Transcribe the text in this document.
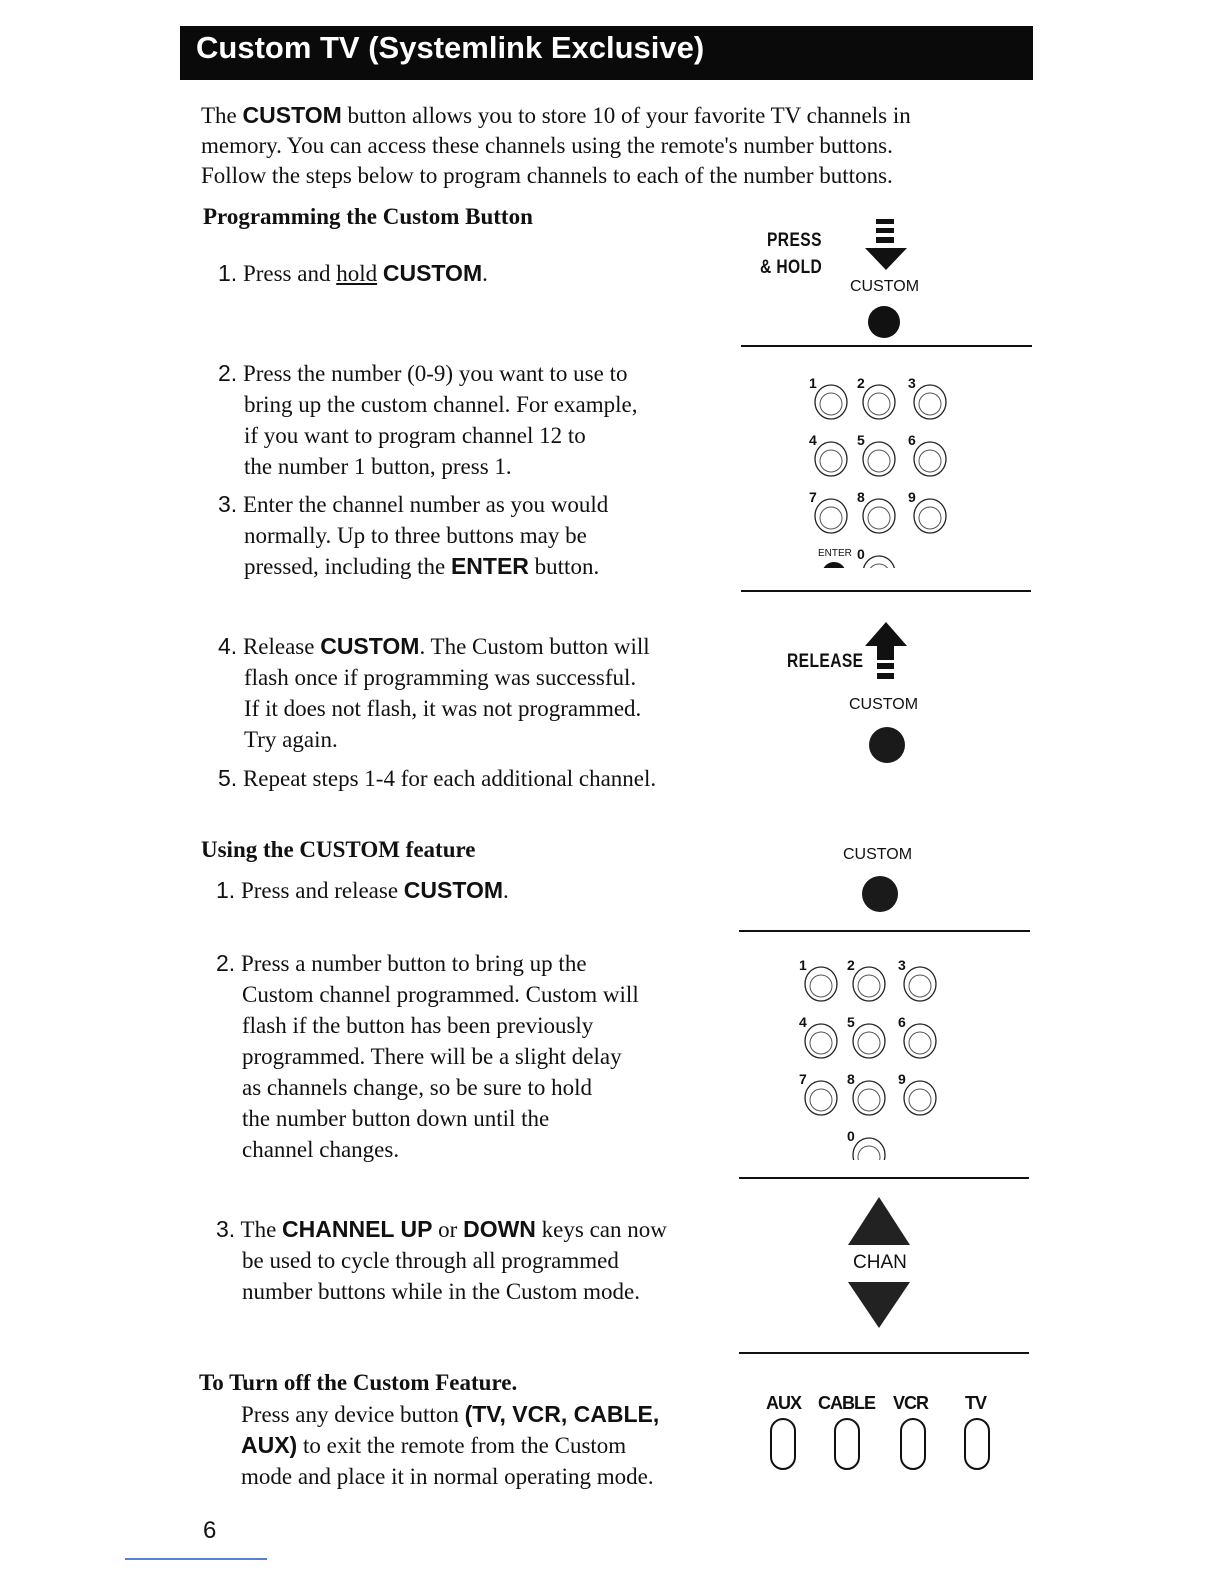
Custom TV (Systemlink Exclusive)
The CUSTOM button allows you to store 10 of your favorite TV channels in
memory. You can access these channels using the remote's number buttons.
Follow the steps below to program channels to each of the number buttons.
Programming the Custom Button
1. Press and hold CUSTOM.
2. Press the number (0-9) you want to use to
bring up the custom channel. For example,
if you want to program channel 12 to
the number 1 button, press 1.
3. Enter the channel number as you would
normally. Up to three buttons may be
pressed, including the ENTER button.
4. Release CUSTOM. The Custom button will
flash once if programming was successful.
If it does not flash, it was not programmed.
Try again.
5. Repeat steps 1-4 for each additional channel.
Using the CUSTOM feature
1. Press and release CUSTOM.
2. Press a number button to bring up the
Custom channel programmed. Custom will
flash if the button has been previously
programmed. There will be a slight delay
as channels change, so be sure to hold
the number button down until the
channel changes.
3. The CHANNEL UP or DOWN keys can now
be used to cycle through all programmed
number buttons while in the Custom mode.
To Turn off the Custom Feature.
Press any device button (TV, VCR, CABLE,
AUX) to exit the remote from the Custom
mode and place it in normal operating mode.
6
PRESS
& HOLD
CUSTOM
1	2	3
4	5	6
7	8	9
0
ENTER
RELEASE
CUSTOM
CUSTOM
1	2	3
4	5	6
7	8	9
0
CHAN
AUX CABLE VCR TV
